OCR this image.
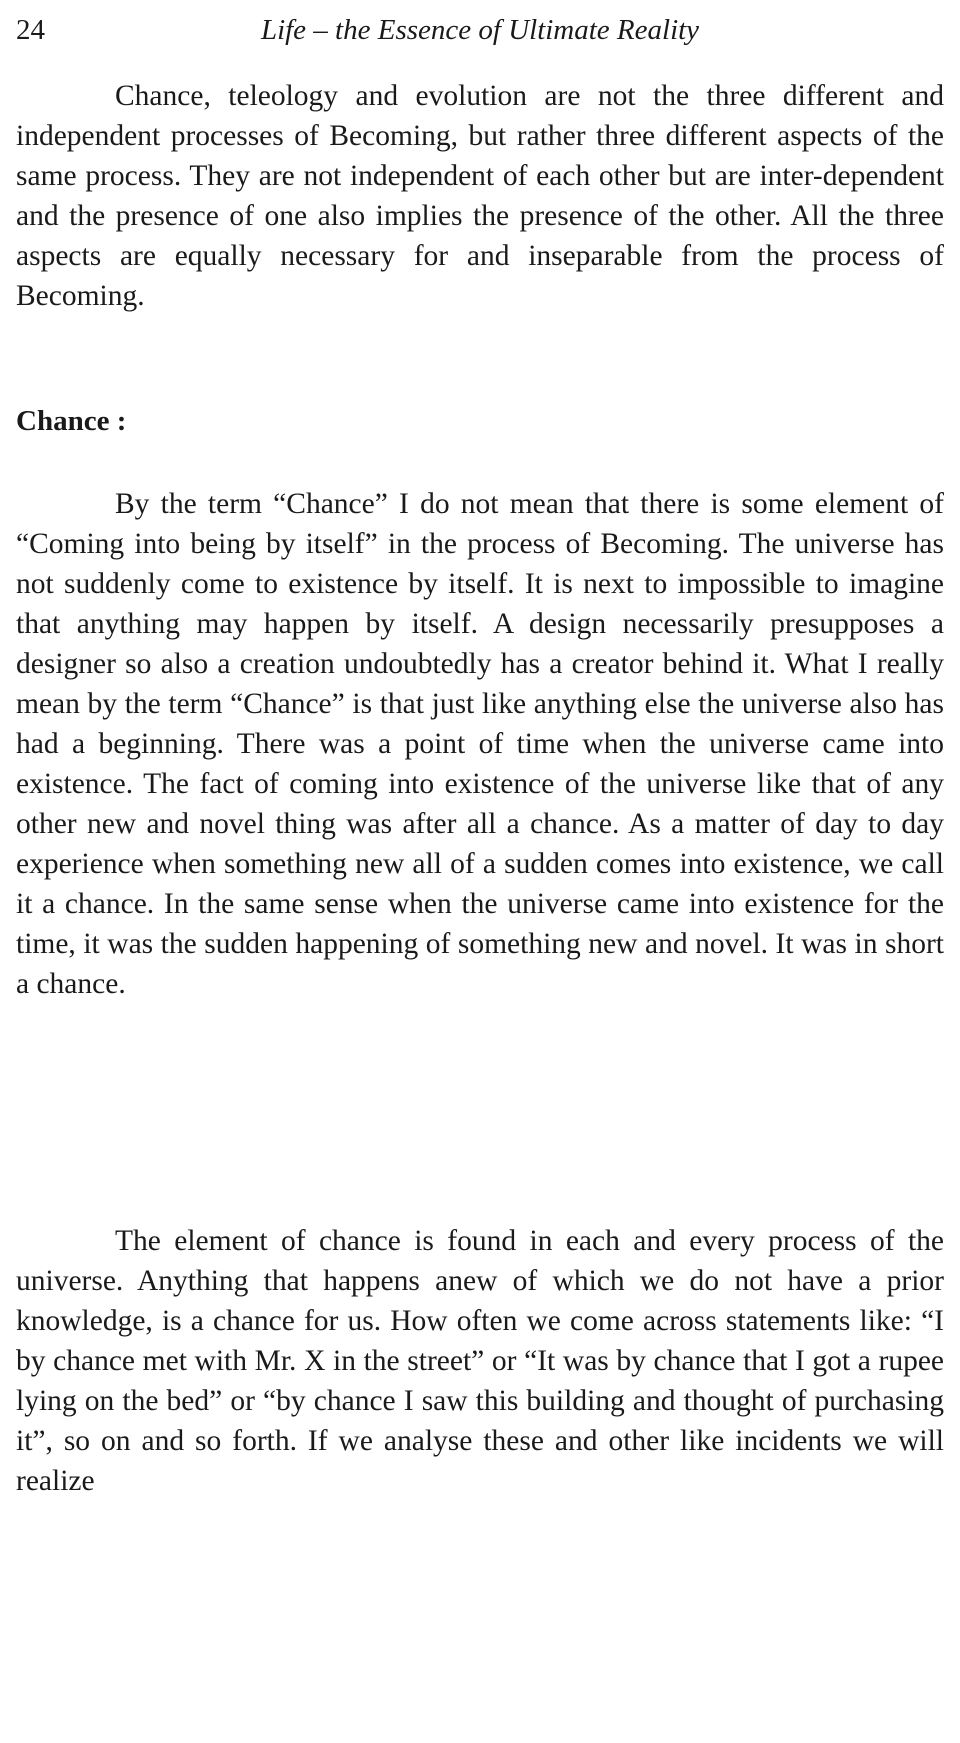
24	Life – the Essence of Ultimate Reality

Chance, teleology and evolution are not the three different and independent processes of Becoming, but rather three different aspects of the same process. They are not independent of each other but are inter-dependent and the presence of one also implies the presence of the other. All the three aspects are equally necessary for and inseparable from the process of Becoming.

Chance :

By the term “Chance” I do not mean that there is some element of “Coming into being by itself” in the process of Becoming. The universe has not suddenly come to existence by itself. It is next to impossible to imagine that anything may happen by itself. A design necessarily presupposes a designer so also a creation undoubtedly has a creator behind it. What I really mean by the term “Chance” is that just like anything else the universe also has had a beginning. There was a point of time when the universe came into existence. The fact of coming into existence of the universe like that of any other new and novel thing was after all a chance. As a matter of day to day experience when something new all of a sudden comes into existence, we call it a chance. In the same sense when the universe came into existence for the time, it was the sudden happening of something new and novel. It was in short a chance.

The element of chance is found in each and every process of the universe. Anything that happens anew of which we do not have a prior knowledge, is a chance for us. How often we come across statements like: “I by chance met with Mr. X in the street” or “It was by chance that I got a rupee lying on the bed” or “by chance I saw this building and thought of purchasing it”, so on and so forth. If we analyse these and other like incidents we will realize
